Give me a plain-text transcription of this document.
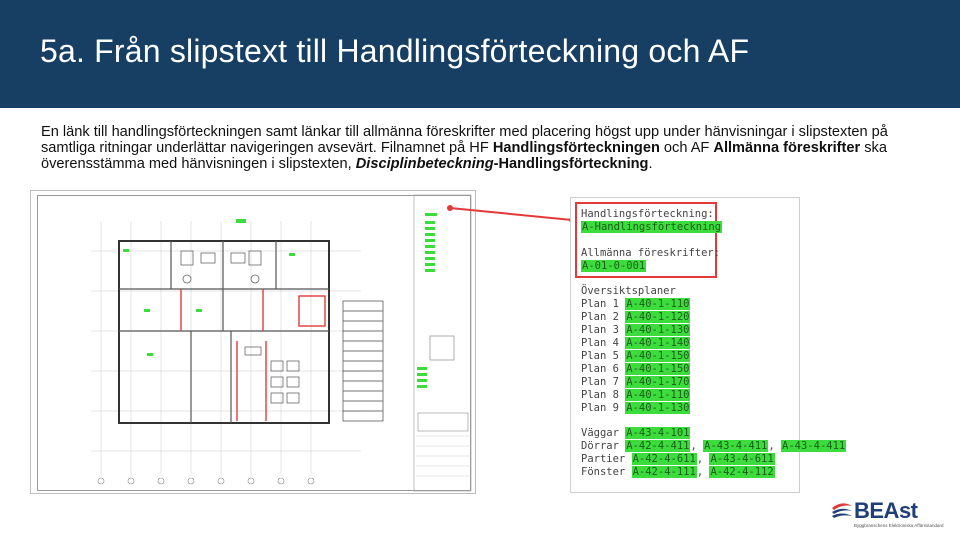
5a. Från slipstext till Handlingsförteckning och AF
En länk till handlingsförteckningen samt länkar till allmänna föreskrifter med placering högst upp under hänvisningar i slipstexten på samtliga ritningar underlättar navigeringen avsevärt. Filnamnet på HF Handlingsförteckningen och AF Allmänna föreskrifter ska överensstämma med hänvisningen i slipstexten, Disciplinbeteckning-Handlingsförteckning.
Handlingsförteckning:
A-Handlingsförteckning
Allmänna föreskrifter:
A-01-0-001
Översiktsplaner
Plan 1 A-40-1-110
Plan 2 A-40-1-120
Plan 3 A-40-1-130
Plan 4 A-40-1-140
Plan 5 A-40-1-150
Plan 6 A-40-1-150
Plan 7 A-40-1-170
Plan 8 A-40-1-110
Plan 9 A-40-1-130
Väggar A-43-4-101
Dörrar A-42-4-411, A-43-4-411, A-43-4-411
Partier A-42-4-611, A-43-4-611
Fönster A-42-4-111, A-42-4-112
BEAst
Byggbranschens Elektroniska Affärsstandard
